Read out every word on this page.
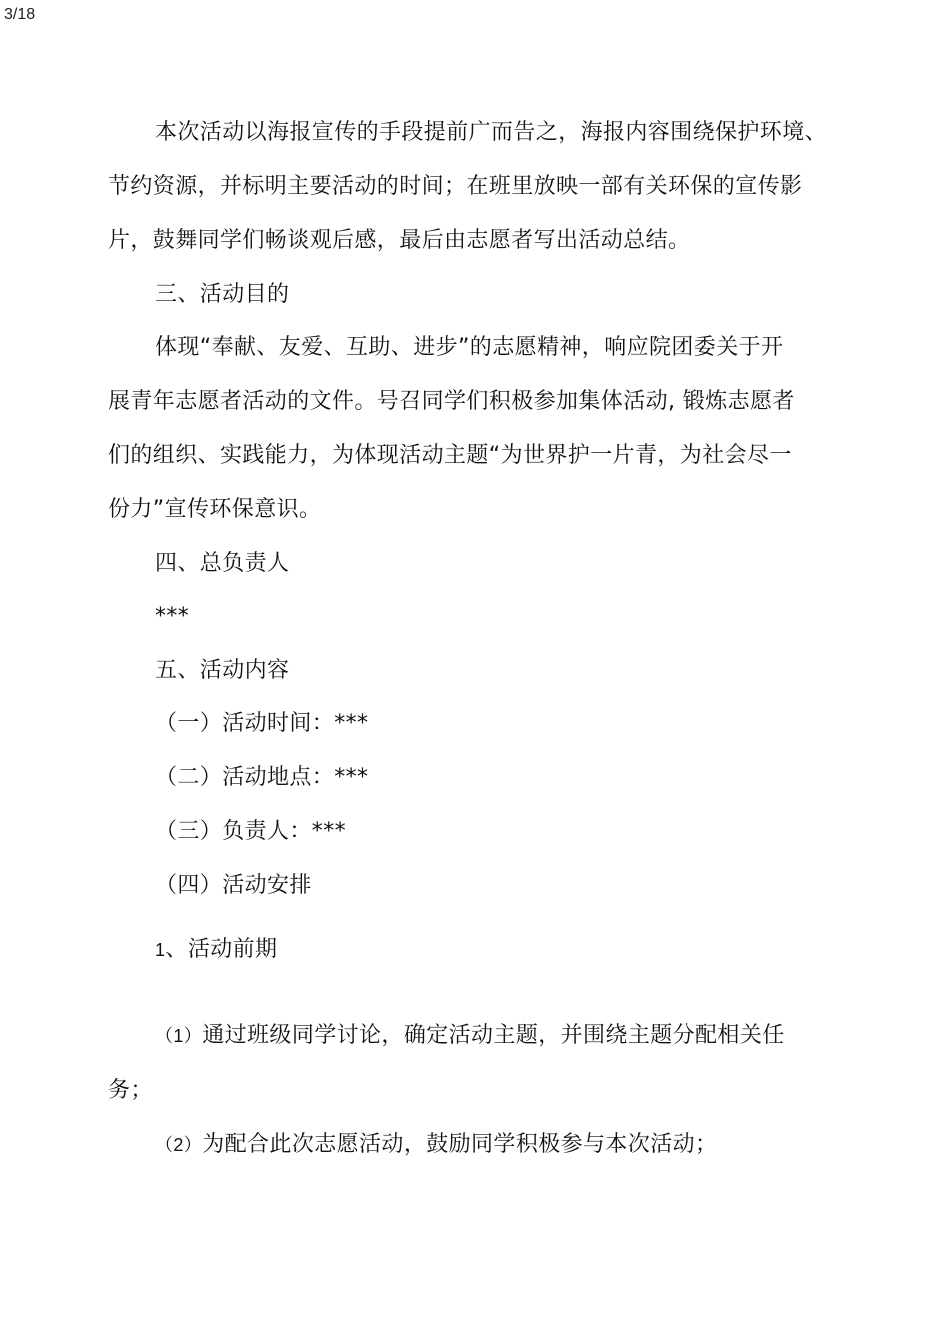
3/18
本次活动以海报宣传的手段提前广而告之，海报内容围绕保护环境、
节约资源，并标明主要活动的时间；在班里放映一部有关环保的宣传影
片，鼓舞同学们畅谈观后感，最后由志愿者写出活动总结。
三、活动目的
体现“奉献、友爱、互助、进步”的志愿精神，响应院团委关于开
展青年志愿者活动的文件。号召同学们积极参加集体活动, 锻炼志愿者
们的组织、实践能力，为体现活动主题“为世界护一片青，为社会尽一
份力”宣传环保意识。
四、总负责人
***
五、活动内容
（一）活动时间：***
（二）活动地点：***
（三）负责人：***
（四）活动安排
1、活动前期
（1）通过班级同学讨论，确定活动主题，并围绕主题分配相关任
务；
（2）为配合此次志愿活动，鼓励同学积极参与本次活动；
